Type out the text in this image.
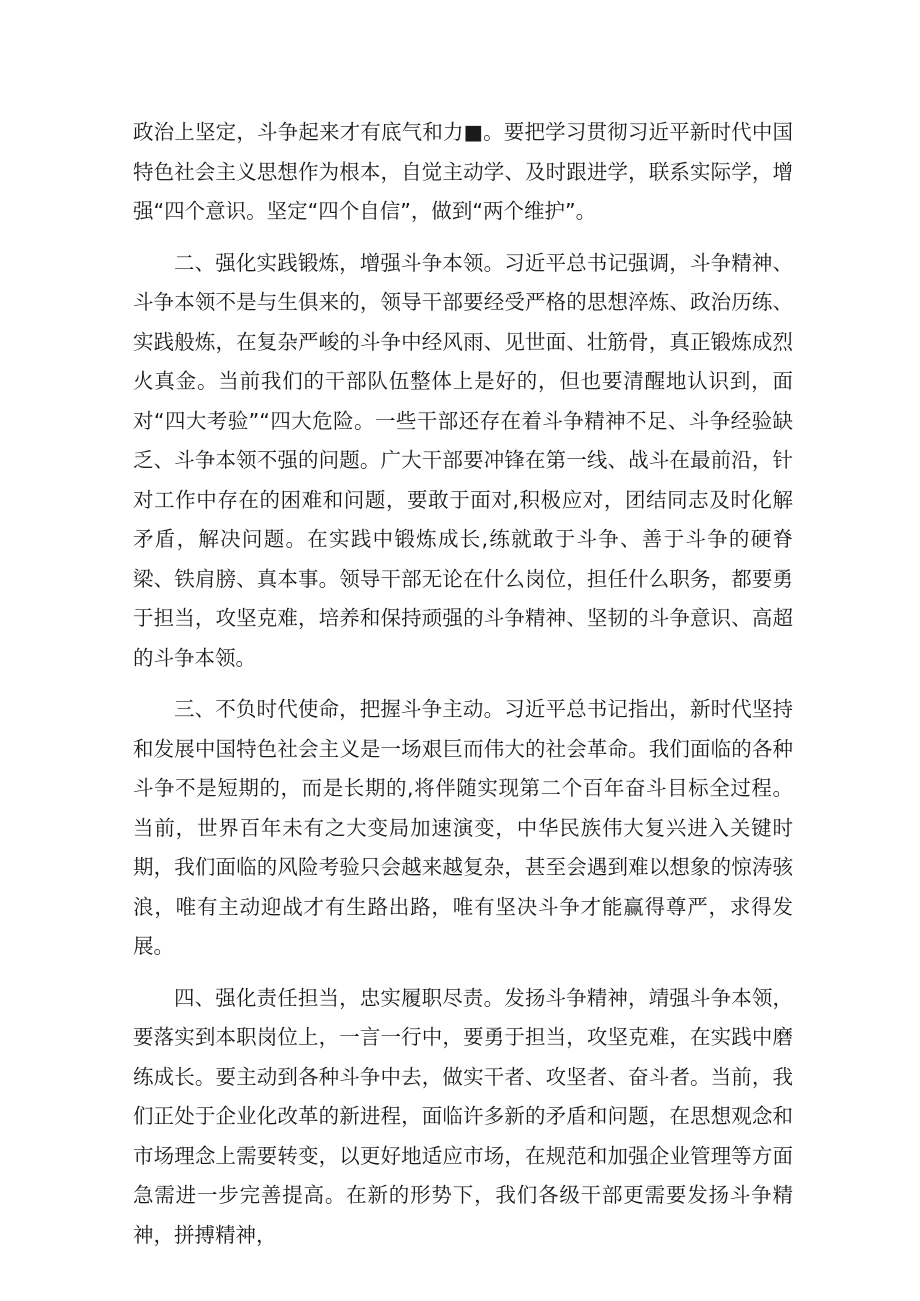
政治上坚定，斗争起来才有底气和力■。要把学习贯彻习近平新时代中国特色社会主义思想作为根本，自觉主动学、及时跟进学，联系实际学，增强“四个意识。坚定“四个自信”，做到“两个维护”。

二、强化实践锻炼，增强斗争本领。习近平总书记强调，斗争精神、斗争本领不是与生俱来的，领导干部要经受严格的思想淬炼、政治历练、实践般炼，在复杂严峻的斗争中经风雨、见世面、壮筋骨，真正锻炼成烈火真金。当前我们的干部队伍整体上是好的，但也要清醒地认识到，面对“四大考验”“四大危险。一些干部还存在着斗争精神不足、斗争经验缺乏、斗争本领不强的问题。广大干部要冲锋在第一线、战斗在最前沿，针对工作中存在的困难和问题，要敢于面对,积极应对，团结同志及时化解矛盾，解决问题。在实践中锻炼成长,练就敢于斗争、善于斗争的硬脊梁、铁肩膀、真本事。领导干部无论在什么岗位，担任什么职务，都要勇于担当，攻坚克难，培养和保持顽强的斗争精神、坚韧的斗争意识、高超的斗争本领。

三、不负时代使命，把握斗争主动。习近平总书记指出，新时代坚持和发展中国特色社会主义是一场艰巨而伟大的社会革命。我们面临的各种斗争不是短期的，而是长期的,将伴随实现第二个百年奋斗目标全过程。当前，世界百年未有之大变局加速演变，中华民族伟大复兴进入关键时期，我们面临的风险考验只会越来越复杂，甚至会遇到难以想象的惊涛骇浪，唯有主动迎战才有生路出路，唯有坚决斗争才能赢得尊严，求得发展。

四、强化责任担当，忠实履职尽责。发扬斗争精神，靖强斗争本领，要落实到本职岗位上，一言一行中，要勇于担当，攻坚克难，在实践中磨练成长。要主动到各种斗争中去，做实干者、攻坚者、奋斗者。当前，我们正处于企业化改革的新进程，面临许多新的矛盾和问题，在思想观念和市场理念上需要转变，以更好地适应市场，在规范和加强企业管理等方面急需进一步完善提高。在新的形势下，我们各级干部更需要发扬斗争精神，拼搏精神，
